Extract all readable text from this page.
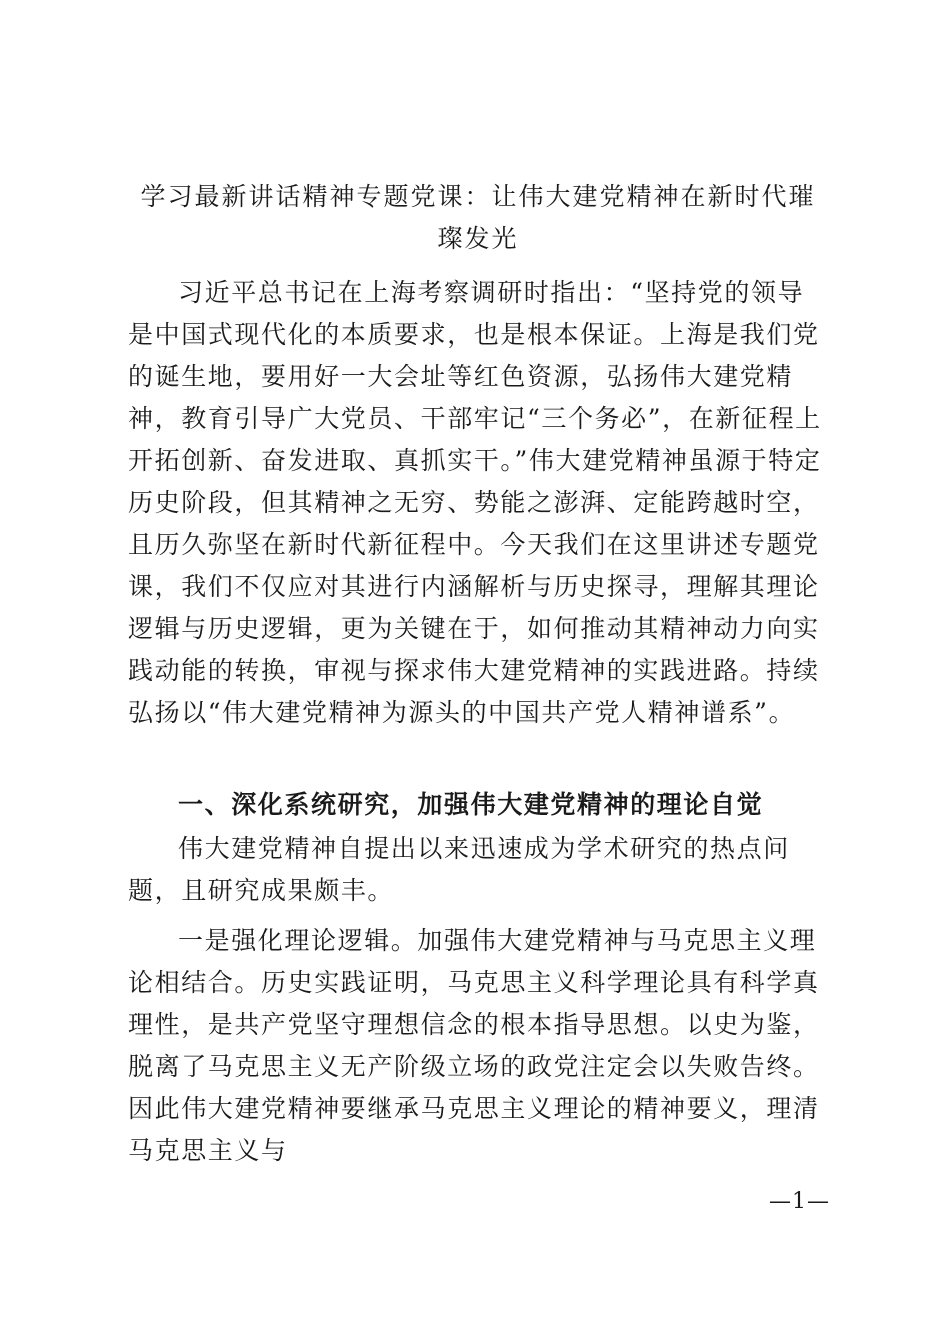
学习最新讲话精神专题党课：让伟大建党精神在新时代璀璨发光

习近平总书记在上海考察调研时指出：“坚持党的领导是中国式现代化的本质要求，也是根本保证。上海是我们党的诞生地，要用好一大会址等红色资源，弘扬伟大建党精神，教育引导广大党员、干部牢记“三个务必”，在新征程上开拓创新、奋发进取、真抓实干。”伟大建党精神虽源于特定历史阶段，但其精神之无穷、势能之澎湃、定能跨越时空，且历久弥坚在新时代新征程中。今天我们在这里讲述专题党课，我们不仅应对其进行内涵解析与历史探寻，理解其理论逻辑与历史逻辑，更为关键在于，如何推动其精神动力向实践动能的转换，审视与探求伟大建党精神的实践进路。持续弘扬以“伟大建党精神为源头的中国共产党人精神谱系”。

一、深化系统研究，加强伟大建党精神的理论自觉

伟大建党精神自提出以来迅速成为学术研究的热点问题，且研究成果颇丰。

一是强化理论逻辑。加强伟大建党精神与马克思主义理论相结合。历史实践证明，马克思主义科学理论具有科学真理性，是共产党坚守理想信念的根本指导思想。以史为鉴，脱离了马克思主义无产阶级立场的政党注定会以失败告终。因此伟大建党精神要继承马克思主义理论的精神要义，理清马克思主义与

—1—
